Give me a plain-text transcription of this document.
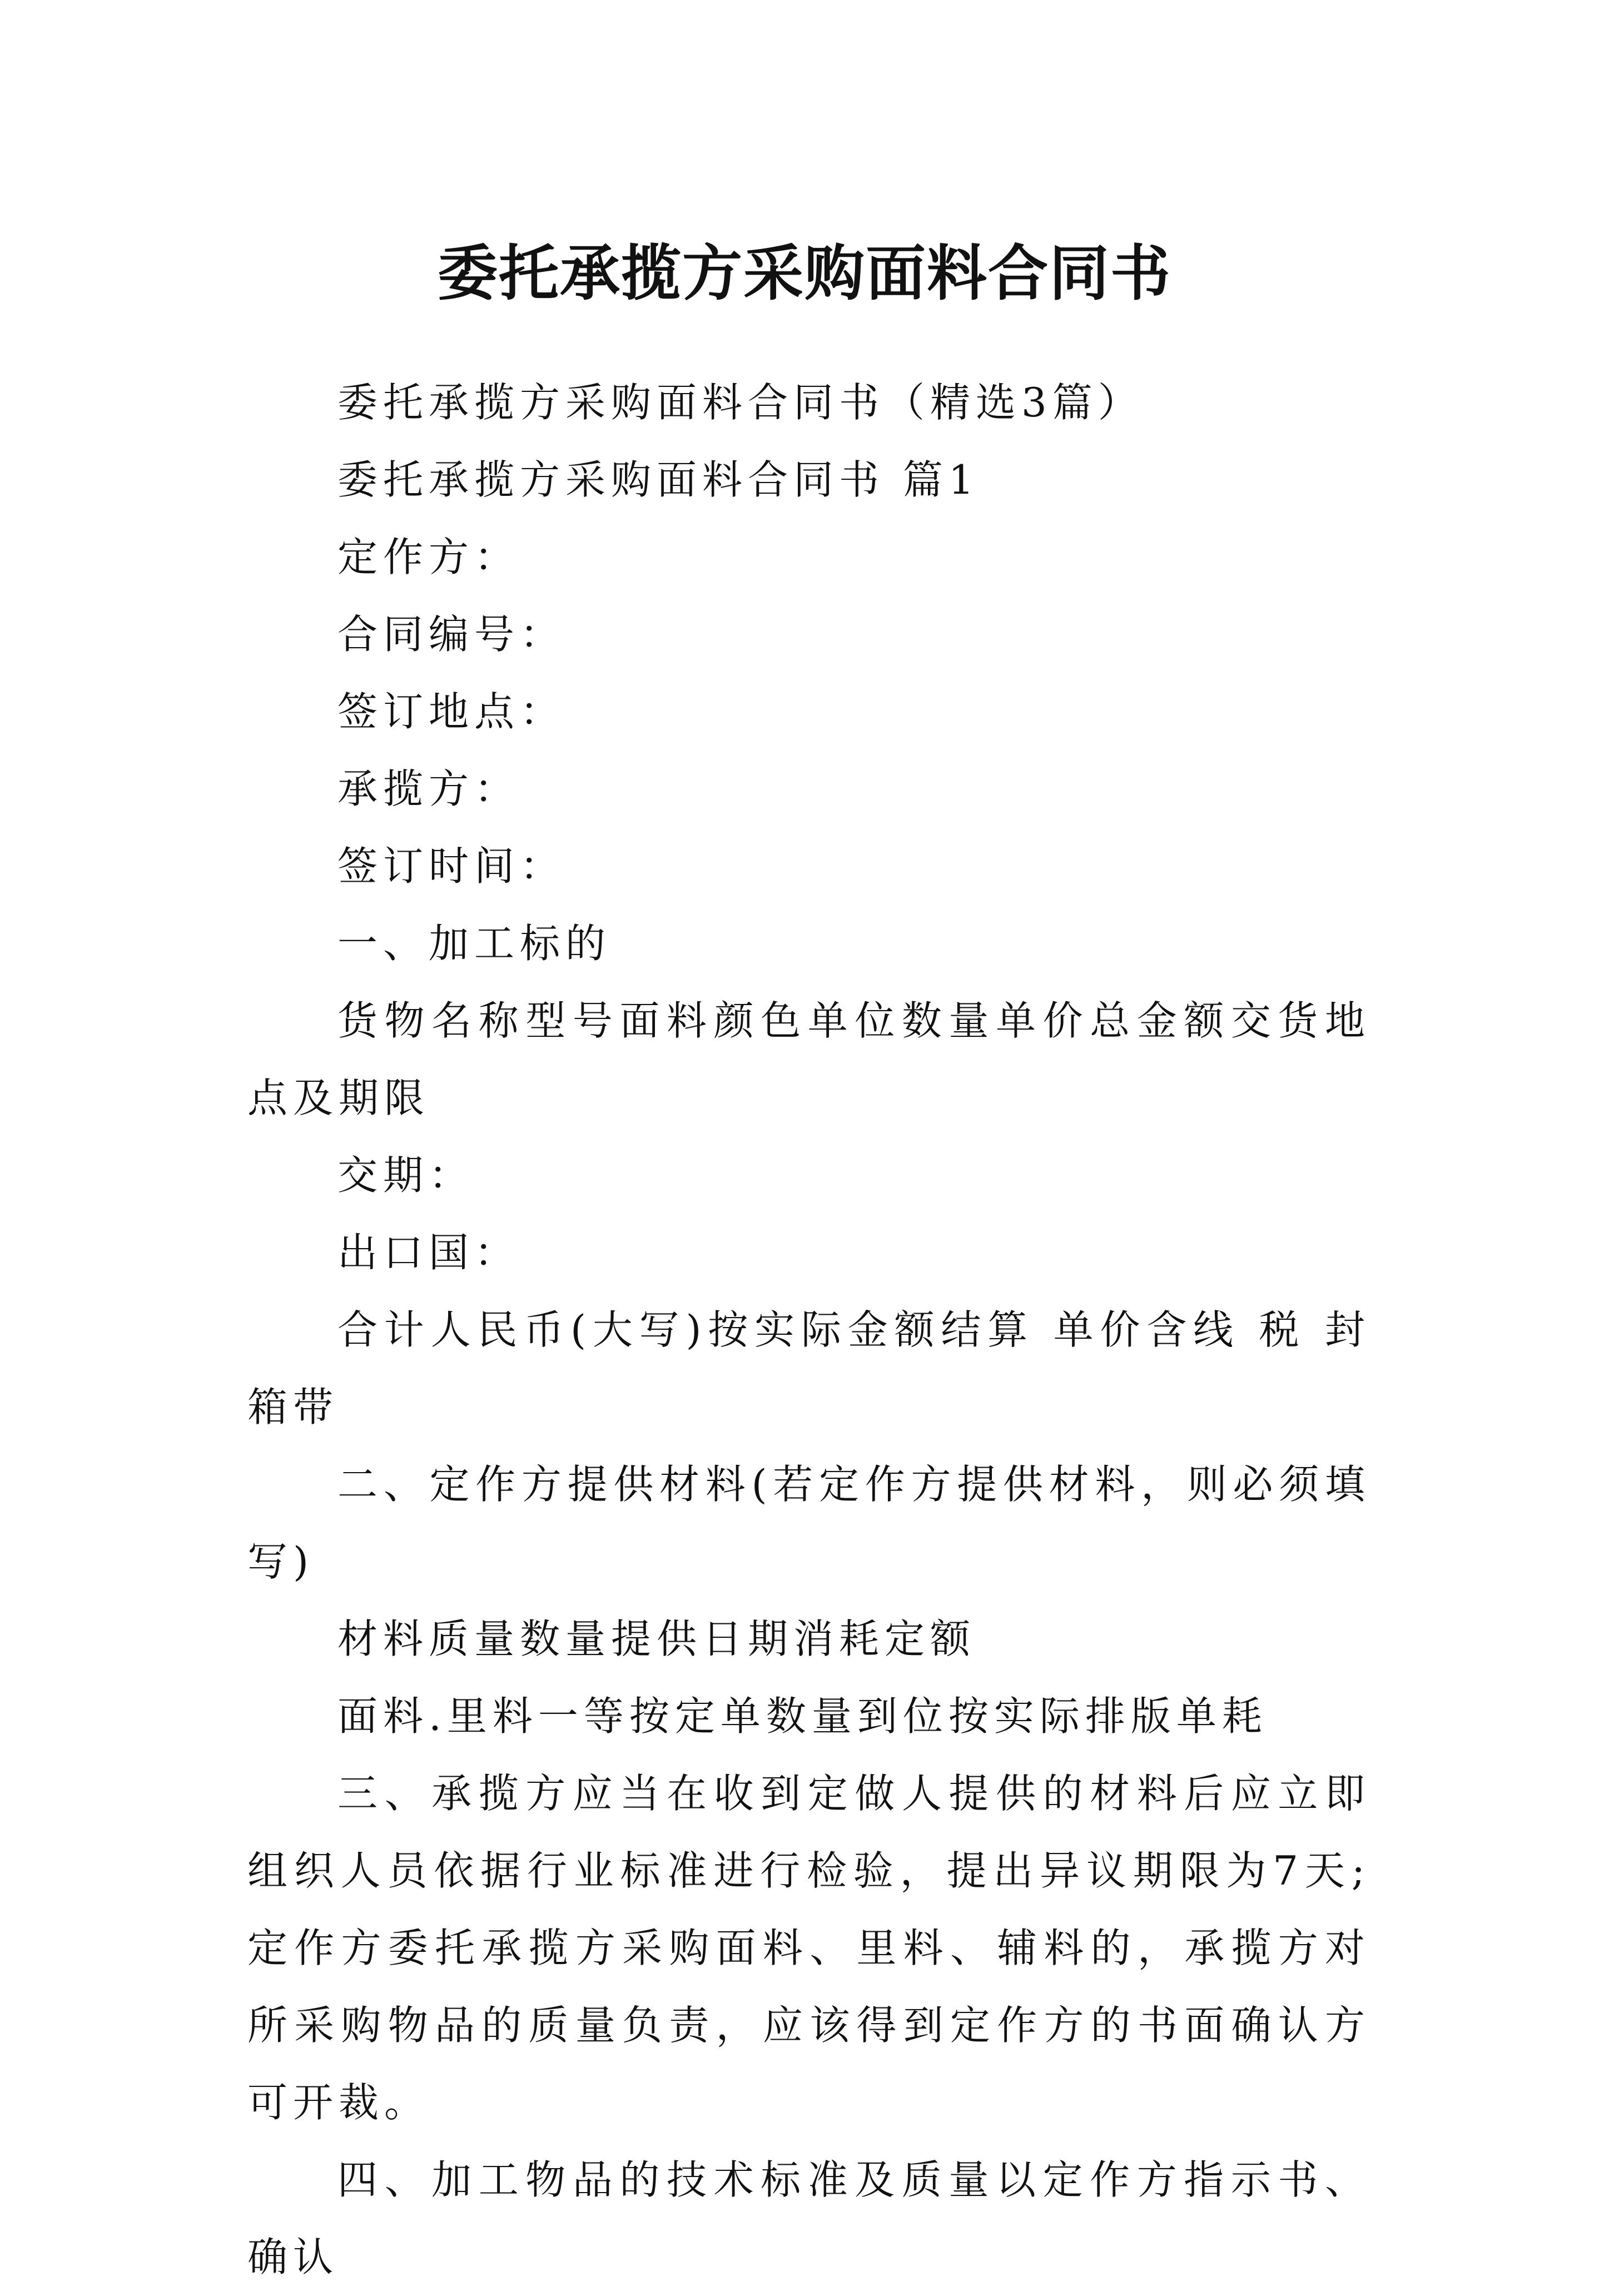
委托承揽方采购面料合同书

委托承揽方采购面料合同书（精选3篇）

委托承揽方采购面料合同书 篇1

定作方：

合同编号：

签订地点：

承揽方：

签订时间：

一、加工标的

货物名称型号面料颜色单位数量单价总金额交货地点及期限

交期：

出口国：

合计人民币(大写)按实际金额结算 单价含线 税 封箱带

二、定作方提供材料(若定作方提供材料，则必须填写)

材料质量数量提供日期消耗定额

面料.里料一等按定单数量到位按实际排版单耗

三、承揽方应当在收到定做人提供的材料后应立即组织人员依据行业标准进行检验，提出异议期限为7天;定作方委托承揽方采购面料、里料、辅料的，承揽方对所采购物品的质量负责，应该得到定作方的书面确认方可开裁。

四、加工物品的技术标准及质量以定作方指示书、确认
